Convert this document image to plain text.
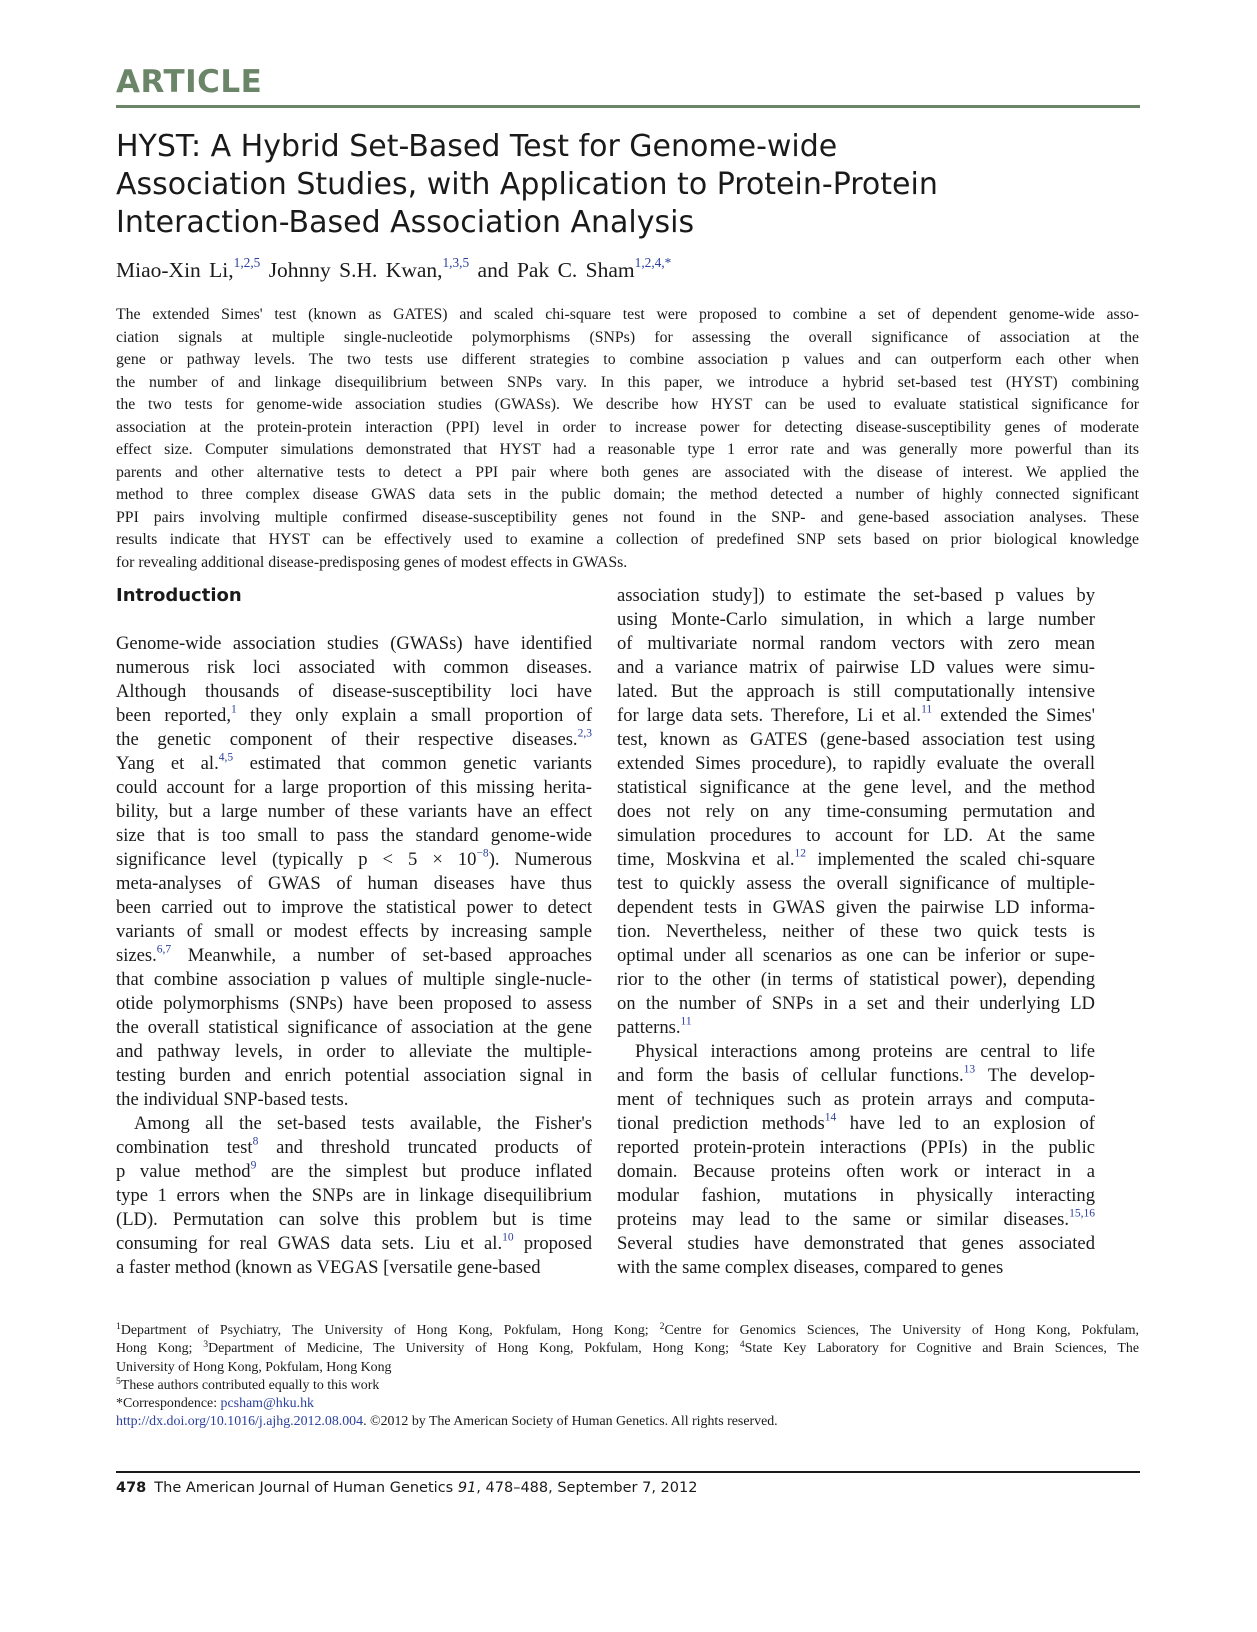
ARTICLE
HYST: A Hybrid Set-Based Test for Genome-wide
Association Studies, with Application to Protein-Protein
Interaction-Based Association Analysis
Miao-Xin Li,$^{1,2,5}$ Johnny S.H. Kwan,$^{1,3,5}$ and Pak C. Sham$^{1,2,4,*}$
The extended Simes' test (known as GATES) and scaled chi-square test were proposed to combine a set of dependent genome-wide asso-
ciation signals at multiple single-nucleotide polymorphisms (SNPs) for assessing the overall significance of association at the
gene or pathway levels. The two tests use different strategies to combine association p values and can outperform each other when
the number of and linkage disequilibrium between SNPs vary. In this paper, we introduce a hybrid set-based test (HYST) combining
the two tests for genome-wide association studies (GWASs). We describe how HYST can be used to evaluate statistical significance for
association at the protein-protein interaction (PPI) level in order to increase power for detecting disease-susceptibility genes of moderate
effect size. Computer simulations demonstrated that HYST had a reasonable type 1 error rate and was generally more powerful than its
parents and other alternative tests to detect a PPI pair where both genes are associated with the disease of interest. We applied the
method to three complex disease GWAS data sets in the public domain; the method detected a number of highly connected significant
PPI pairs involving multiple confirmed disease-susceptibility genes not found in the SNP- and gene-based association analyses. These
results indicate that HYST can be effectively used to examine a collection of predefined SNP sets based on prior biological knowledge
for revealing additional disease-predisposing genes of modest effects in GWASs.
Introduction
Genome-wide association studies (GWASs) have identified
numerous risk loci associated with common diseases.
Although thousands of disease-susceptibility loci have
been reported,$^1$ they only explain a small proportion of
the genetic component of their respective diseases.$^{2,3}$
Yang et al.$^{4,5}$ estimated that common genetic variants
could account for a large proportion of this missing herita-
bility, but a large number of these variants have an effect
size that is too small to pass the standard genome-wide
significance level (typically $p < 5 \times 10^{-8}$). Numerous
meta-analyses of GWAS of human diseases have thus
been carried out to improve the statistical power to detect
variants of small or modest effects by increasing sample
sizes.$^{6,7}$ Meanwhile, a number of set-based approaches
that combine association p values of multiple single-nucle-
otide polymorphisms (SNPs) have been proposed to assess
the overall statistical significance of association at the gene
and pathway levels, in order to alleviate the multiple-
testing burden and enrich potential association signal in
the individual SNP-based tests.
Among all the set-based tests available, the Fisher's
combination test$^8$ and threshold truncated products of
p value method$^9$ are the simplest but produce inflated
type 1 errors when the SNPs are in linkage disequilibrium
(LD). Permutation can solve this problem but is time
consuming for real GWAS data sets. Liu et al.$^{10}$ proposed
a faster method (known as VEGAS [versatile gene-based
association study]) to estimate the set-based p values by
using Monte-Carlo simulation, in which a large number
of multivariate normal random vectors with zero mean
and a variance matrix of pairwise LD values were simu-
lated. But the approach is still computationally intensive
for large data sets. Therefore, Li et al.$^{11}$ extended the Simes'
test, known as GATES (gene-based association test using
extended Simes procedure), to rapidly evaluate the overall
statistical significance at the gene level, and the method
does not rely on any time-consuming permutation and
simulation procedures to account for LD. At the same
time, Moskvina et al.$^{12}$ implemented the scaled chi-square
test to quickly assess the overall significance of multiple-
dependent tests in GWAS given the pairwise LD informa-
tion. Nevertheless, neither of these two quick tests is
optimal under all scenarios as one can be inferior or supe-
rior to the other (in terms of statistical power), depending
on the number of SNPs in a set and their underlying LD
patterns.$^{11}$
Physical interactions among proteins are central to life
and form the basis of cellular functions.$^{13}$ The develop-
ment of techniques such as protein arrays and computa-
tional prediction methods$^{14}$ have led to an explosion of
reported protein-protein interactions (PPIs) in the public
domain. Because proteins often work or interact in a
modular fashion, mutations in physically interacting
proteins may lead to the same or similar diseases.$^{15,16}$
Several studies have demonstrated that genes associated
with the same complex diseases, compared to genes
$^1$Department of Psychiatry, The University of Hong Kong, Pokfulam, Hong Kong; $^2$Centre for Genomics Sciences, The University of Hong Kong, Pokfulam,
Hong Kong; $^3$Department of Medicine, The University of Hong Kong, Pokfulam, Hong Kong; $^4$State Key Laboratory for Cognitive and Brain Sciences, The
University of Hong Kong, Pokfulam, Hong Kong
$^5$These authors contributed equally to this work
*Correspondence: pcsham@hku.hk
http://dx.doi.org/10.1016/j.ajhg.2012.08.004. ©2012 by The American Society of Human Genetics. All rights reserved.
478 The American Journal of Human Genetics 91, 478–488, September 7, 2012
